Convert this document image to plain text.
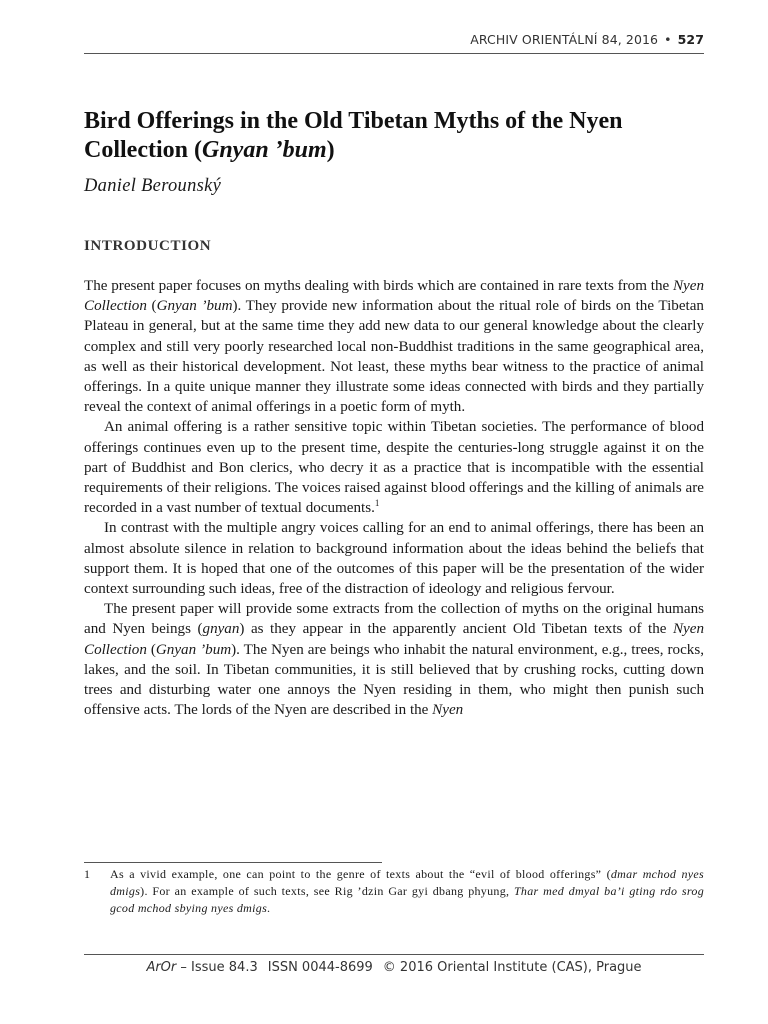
ARCHIV ORIENTÁLNÍ 84, 2016 • 527
Bird Offerings in the Old Tibetan Myths of the Nyen Collection (Gnyan ’bum)

Daniel Berounský

INTRODUCTION

The present paper focuses on myths dealing with birds which are contained in rare texts from the Nyen Collection (Gnyan ’bum). They provide new information about the ritual role of birds on the Tibetan Plateau in general, but at the same time they add new data to our general knowledge about the clearly complex and still very poorly researched local non-Buddhist traditions in the same geographical area, as well as their historical development. Not least, these myths bear witness to the practice of animal offerings. In a quite unique manner they illustrate some ideas connected with birds and they partially reveal the context of animal offerings in a poetic form of myth.

An animal offering is a rather sensitive topic within Tibetan societies. The performance of blood offerings continues even up to the present time, despite the centuries-long struggle against it on the part of Buddhist and Bon clerics, who decry it as a practice that is incompatible with the essential requirements of their religions. The voices raised against blood offerings and the killing of animals are recorded in a vast number of textual documents.$^1$

In contrast with the multiple angry voices calling for an end to animal offerings, there has been an almost absolute silence in relation to background information about the ideas behind the beliefs that support them. It is hoped that one of the outcomes of this paper will be the presentation of the wider context surrounding such ideas, free of the distraction of ideology and religious fervour.

The present paper will provide some extracts from the collection of myths on the original humans and Nyen beings (gnyan) as they appear in the apparently ancient Old Tibetan texts of the Nyen Collection (Gnyan ’bum). The Nyen are beings who inhabit the natural environment, e.g., trees, rocks, lakes, and the soil. In Tibetan communities, it is still believed that by crushing rocks, cutting down trees and disturbing water one annoys the Nyen residing in them, who might then punish such offensive acts. The lords of the Nyen are described in the Nyen

1 As a vivid example, one can point to the genre of texts about the “evil of blood offerings” (dmar mchod nyes dmigs). For an example of such texts, see Rig ’dzin Gar gyi dbang phyung, Thar med dmyal ba’i gting rdo srog gcod mchod sbying nyes dmigs.
ArOr – Issue 84.3 ISSN 0044-8699 © 2016 Oriental Institute (CAS), Prague
